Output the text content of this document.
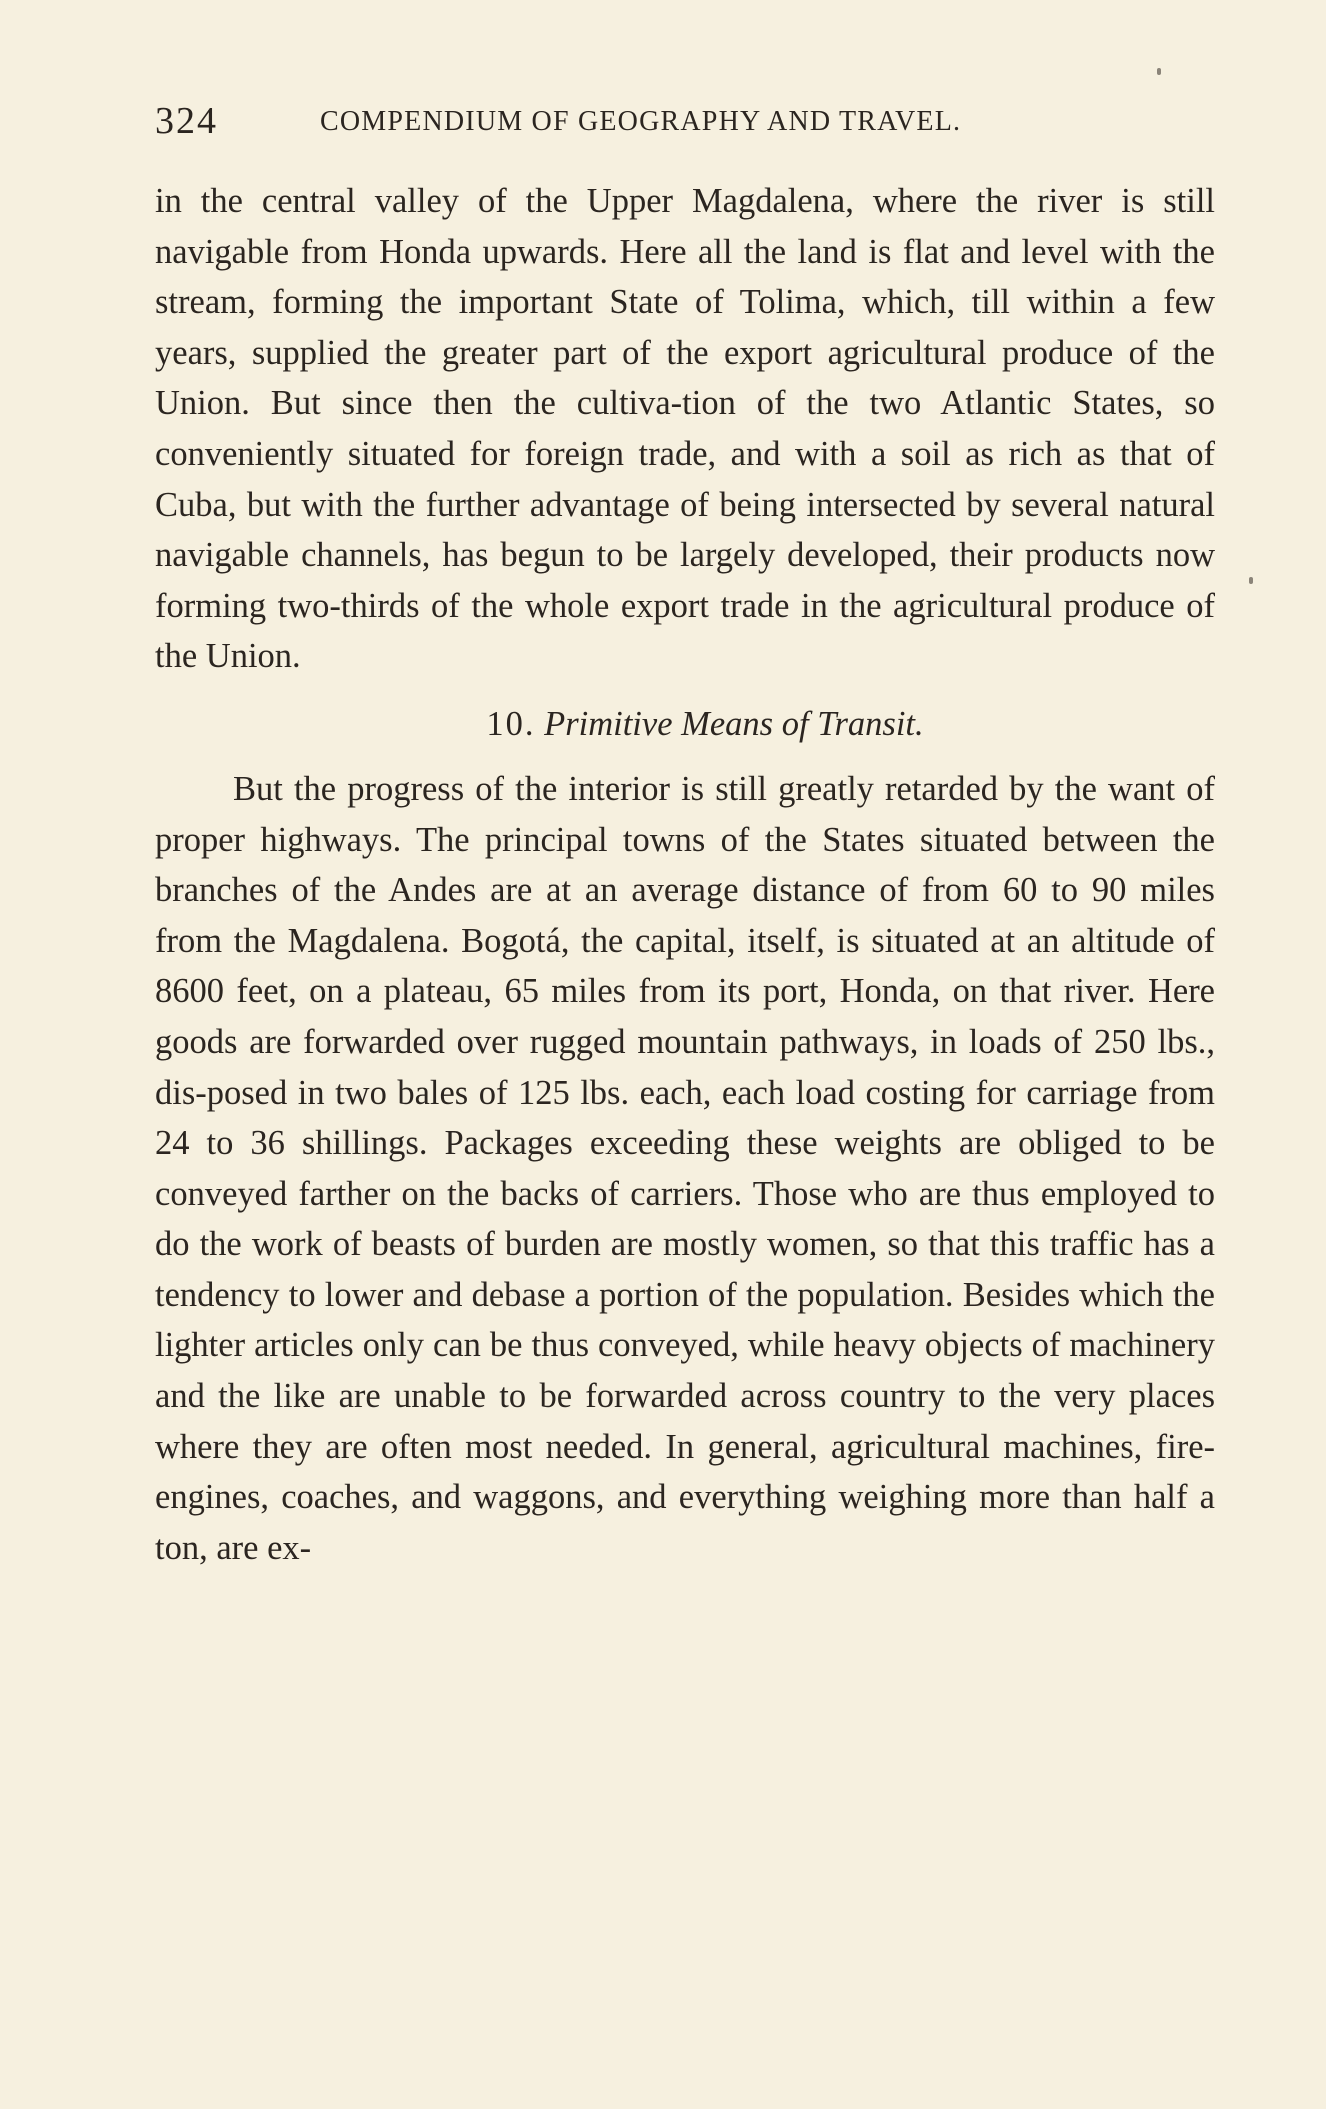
324	COMPENDIUM OF GEOGRAPHY AND TRAVEL.

in the central valley of the Upper Magdalena, where the river is still navigable from Honda upwards. Here all the land is flat and level with the stream, forming the important State of Tolima, which, till within a few years, supplied the greater part of the export agricultural produce of the Union. But since then the cultiva-tion of the two Atlantic States, so conveniently situated for foreign trade, and with a soil as rich as that of Cuba, but with the further advantage of being intersected by several natural navigable channels, has begun to be largely developed, their products now forming two-thirds of the whole export trade in the agricultural produce of the Union.

10. Primitive Means of Transit.

But the progress of the interior is still greatly retarded by the want of proper highways. The principal towns of the States situated between the branches of the Andes are at an average distance of from 60 to 90 miles from the Magdalena. Bogotá, the capital, itself, is situated at an altitude of 8600 feet, on a plateau, 65 miles from its port, Honda, on that river. Here goods are forwarded over rugged mountain pathways, in loads of 250 lbs., dis-posed in two bales of 125 lbs. each, each load costing for carriage from 24 to 36 shillings. Packages exceeding these weights are obliged to be conveyed farther on the backs of carriers. Those who are thus employed to do the work of beasts of burden are mostly women, so that this traffic has a tendency to lower and debase a portion of the population. Besides which the lighter articles only can be thus conveyed, while heavy objects of machinery and the like are unable to be forwarded across country to the very places where they are often most needed. In general, agricultural machines, fire-engines, coaches, and waggons, and everything weighing more than half a ton, are ex-
